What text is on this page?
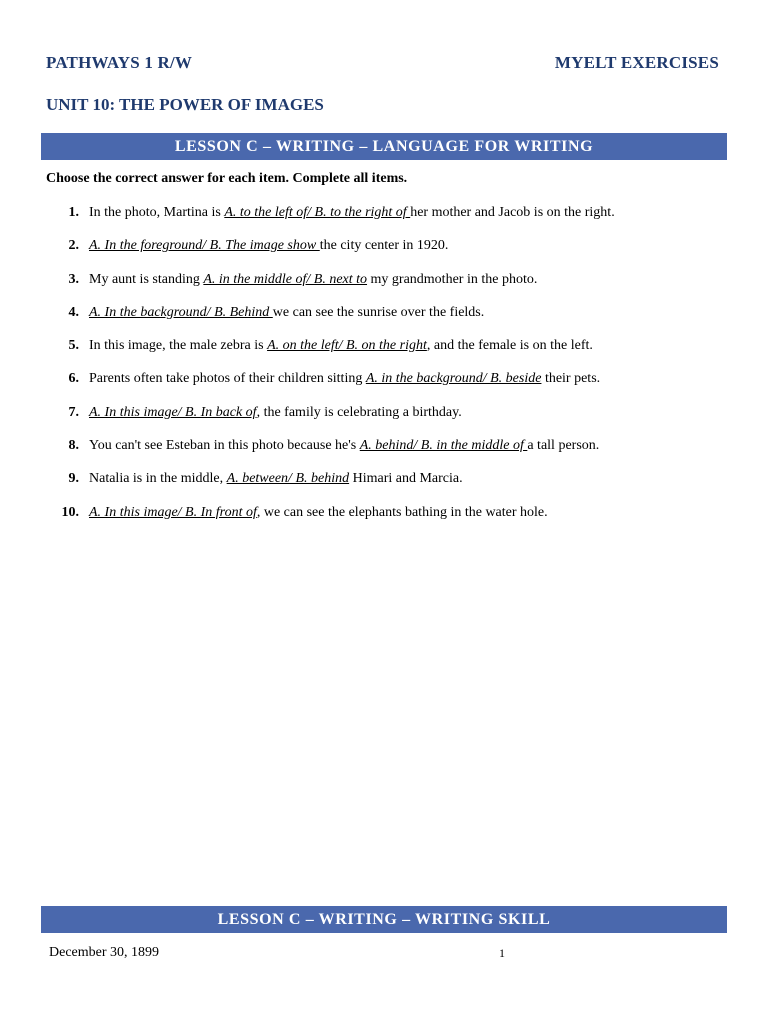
PATHWAYS 1 R/W	MYELT EXERCISES
UNIT 10: THE POWER OF IMAGES
LESSON C – WRITING – LANGUAGE FOR WRITING
Choose the correct answer for each item. Complete all items.
1. In the photo, Martina is A. to the left of/ B. to the right of her mother and Jacob is on the right.
2. A. In the foreground/ B. The image show the city center in 1920.
3. My aunt is standing A. in the middle of/ B. next to my grandmother in the photo.
4. A. In the background/ B. Behind we can see the sunrise over the fields.
5. In this image, the male zebra is A. on the left/ B. on the right, and the female is on the left.
6. Parents often take photos of their children sitting A. in the background/ B. beside their pets.
7. A. In this image/ B. In back of, the family is celebrating a birthday.
8. You can't see Esteban in this photo because he's A. behind/ B. in the middle of a tall person.
9. Natalia is in the middle, A. between/ B. behind Himari and Marcia.
10. A. In this image/ B. In front of, we can see the elephants bathing in the water hole.
LESSON C – WRITING – WRITING SKILL
December 30, 1899	1
